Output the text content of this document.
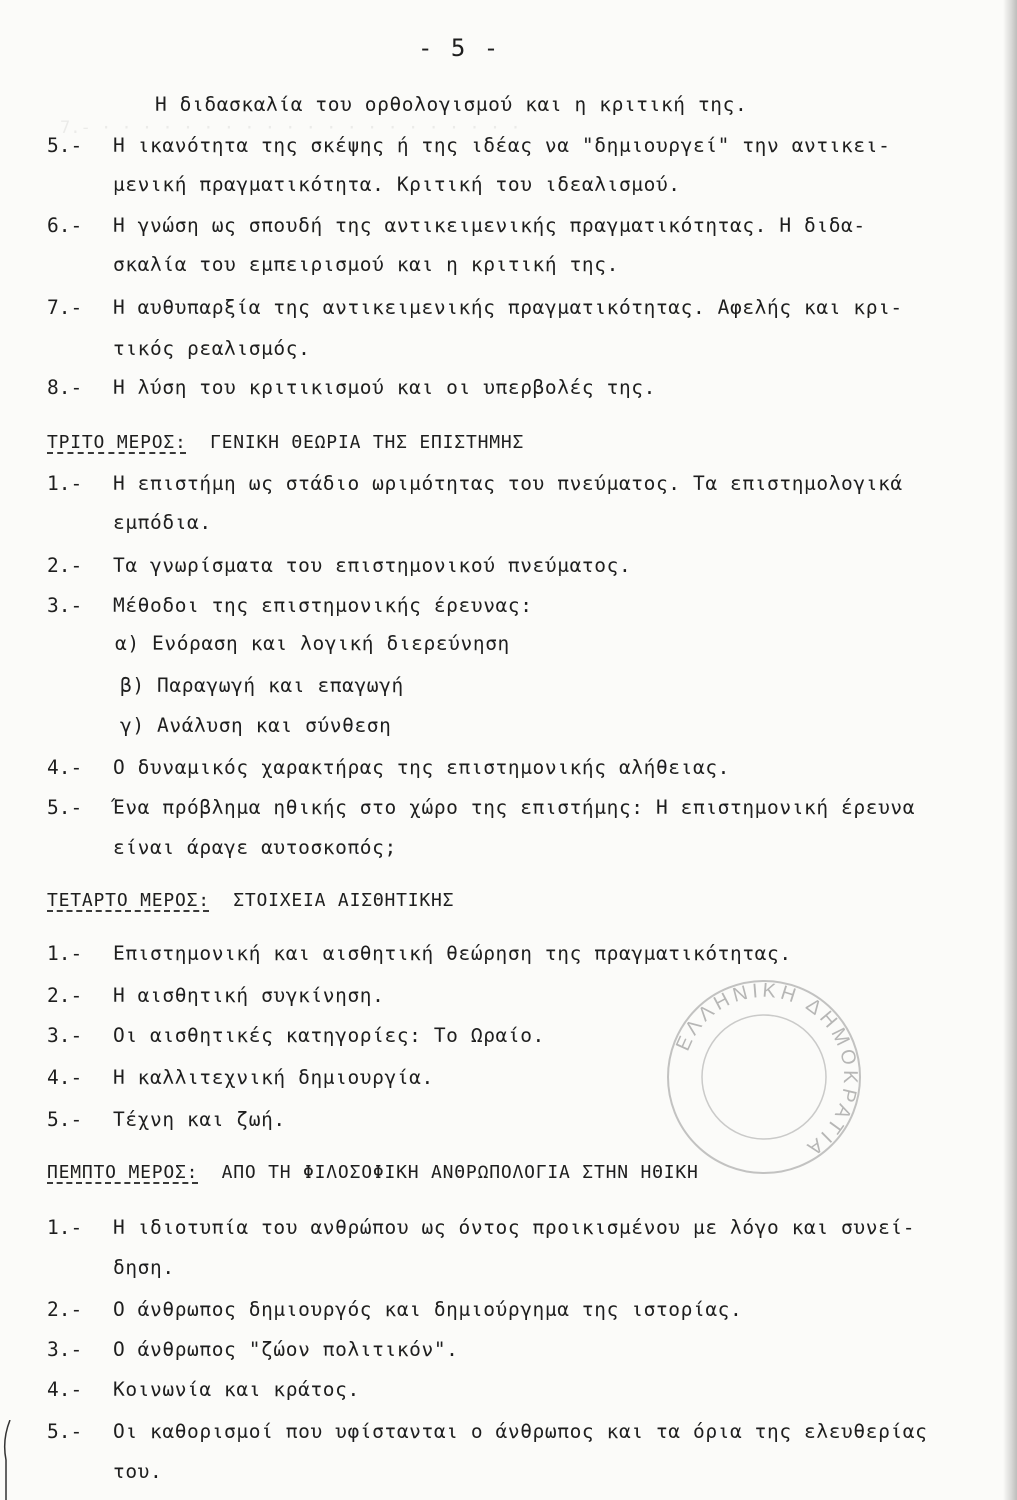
7.- · · · · · · · · · · · · · · · · · · · · ·
- 5 -
Η διδασκαλία του ορθολογισμού και η κριτική της.
5.- Η ικανότητα της σκέψης ή της ιδέας να "δημιουργεί" την αντικει-
μενική πραγματικότητα. Κριτική του ιδεαλισμού.
6.- Η γνώση ως σπουδή της αντικειμενικής πραγματικότητας. Η διδα-
σκαλία του εμπειρισμού και η κριτική της.
7.- Η αυθυπαρξία της αντικειμενικής πραγματικότητας. Αφελής και κρι-
τικός ρεαλισμός.
8.- Η λύση του κριτικισμού και οι υπερβολές της.
ΤΡΙΤΟ ΜΕΡΟΣ: ΓΕΝΙΚΗ ΘΕΩΡΙΑ ΤΗΣ ΕΠΙΣΤΗΜΗΣ
1.- Η επιστήμη ως στάδιο ωριμότητας του πνεύματος. Τα επιστημολογικά
εμπόδια.
2.- Τα γνωρίσματα του επιστημονικού πνεύματος.
3.- Μέθοδοι της επιστημονικής έρευνας:
α) Ενόραση και λογική διερεύνηση
β) Παραγωγή και επαγωγή
γ) Ανάλυση και σύνθεση
4.- Ο δυναμικός χαρακτήρας της επιστημονικής αλήθειας.
5.- Ένα πρόβλημα ηθικής στο χώρο της επιστήμης: Η επιστημονική έρευνα
είναι άραγε αυτοσκοπός;
ΤΕΤΑΡΤΟ ΜΕΡΟΣ: ΣΤΟΙΧΕΙΑ ΑΙΣΘΗΤΙΚΗΣ
1.- Επιστημονική και αισθητική θεώρηση της πραγματικότητας.
2.- Η αισθητική συγκίνηση.
3.- Οι αισθητικές κατηγορίες: Το Ωραίο.
4.- Η καλλιτεχνική δημιουργία.
5.- Τέχνη και ζωή.
ΠΕΜΠΤΟ ΜΕΡΟΣ: ΑΠΟ ΤΗ ΦΙΛΟΣΟΦΙΚΗ ΑΝΘΡΩΠΟΛΟΓΙΑ ΣΤΗΝ ΗΘΙΚΗ
1.- Η ιδιοτυπία του ανθρώπου ως όντος προικισμένου με λόγο και συνεί-
δηση.
2.- Ο άνθρωπος δημιουργός και δημιούργημα της ιστορίας.
3.- Ο άνθρωπος "ζώον πολιτικόν".
4.- Κοινωνία και κράτος.
5.- Οι καθορισμοί που υφίστανται ο άνθρωπος και τα όρια της ελευθερίας
του.
ΕΛΛΗΝΙΚΗ ΔΗΜΟΚΡΑΤΙΑ
